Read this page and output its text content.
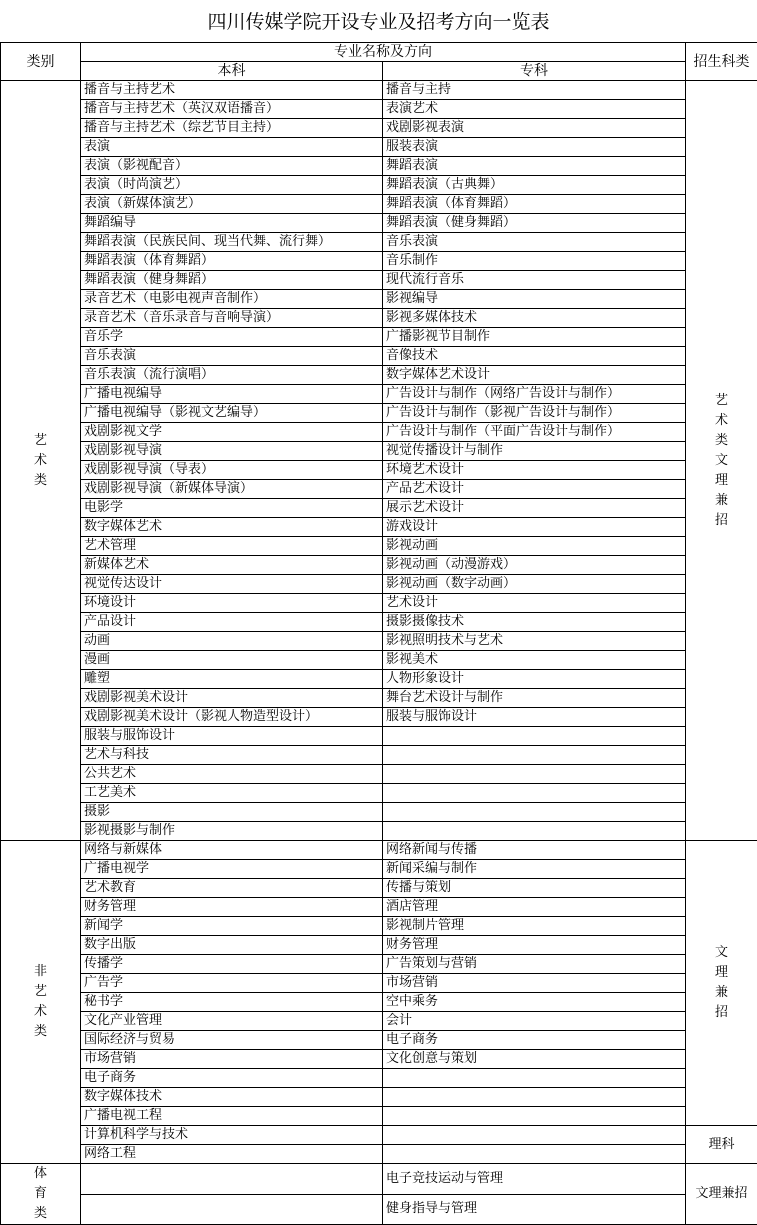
四川传媒学院开设专业及招考方向一览表
类别	专业名称及方向		招生科类
	本科	专科	
艺术类	播音与主持艺术	播音与主持	艺术类文理兼招
	播音与主持艺术（英汉双语播音）	表演艺术	
	播音与主持艺术（综艺节目主持）	戏剧影视表演	
	表演	服装表演	
	表演（影视配音）	舞蹈表演	
	表演（时尚演艺）	舞蹈表演（古典舞）	
	表演（新媒体演艺）	舞蹈表演（体育舞蹈）	
	舞蹈编导	舞蹈表演（健身舞蹈）	
	舞蹈表演（民族民间、现当代舞、流行舞）	音乐表演	
	舞蹈表演（体育舞蹈）	音乐制作	
	舞蹈表演（健身舞蹈）	现代流行音乐	
	录音艺术（电影电视声音制作）	影视编导	
	录音艺术（音乐录音与音响导演）	影视多媒体技术	
	音乐学	广播影视节目制作	
	音乐表演	音像技术	
	音乐表演（流行演唱）	数字媒体艺术设计	
	广播电视编导	广告设计与制作（网络广告设计与制作）	
	广播电视编导（影视文艺编导）	广告设计与制作（影视广告设计与制作）	
	戏剧影视文学	广告设计与制作（平面广告设计与制作）	
	戏剧影视导演	视觉传播设计与制作	
	戏剧影视导演（导表）	环境艺术设计	
	戏剧影视导演（新媒体导演）	产品艺术设计	
	电影学	展示艺术设计	
	数字媒体艺术	游戏设计	
	艺术管理	影视动画	
	新媒体艺术	影视动画（动漫游戏）	
	视觉传达设计	影视动画（数字动画）	
	环境设计	艺术设计	
	产品设计	摄影摄像技术	
	动画	影视照明技术与艺术	
	漫画	影视美术	
	雕塑	人物形象设计	
	戏剧影视美术设计	舞台艺术设计与制作	
	戏剧影视美术设计（影视人物造型设计）	服装与服饰设计	
	服装与服饰设计		
	艺术与科技		
	公共艺术		
	工艺美术		
	摄影		
	影视摄影与制作		
非艺术类	网络与新媒体	网络新闻与传播	文理兼招
	广播电视学	新闻采编与制作	
	艺术教育	传播与策划	
	财务管理	酒店管理	
	新闻学	影视制片管理	
	数字出版	财务管理	
	传播学	广告策划与营销	
	广告学	市场营销	
	秘书学	空中乘务	
	文化产业管理	会计	
	国际经济与贸易	电子商务	
	市场营销	文化创意与策划	
	电子商务		
	数字媒体技术		
	广播电视工程		
	计算机科学与技术		理科
	网络工程		
体育类		电子竞技运动与管理	文理兼招
		健身指导与管理	
